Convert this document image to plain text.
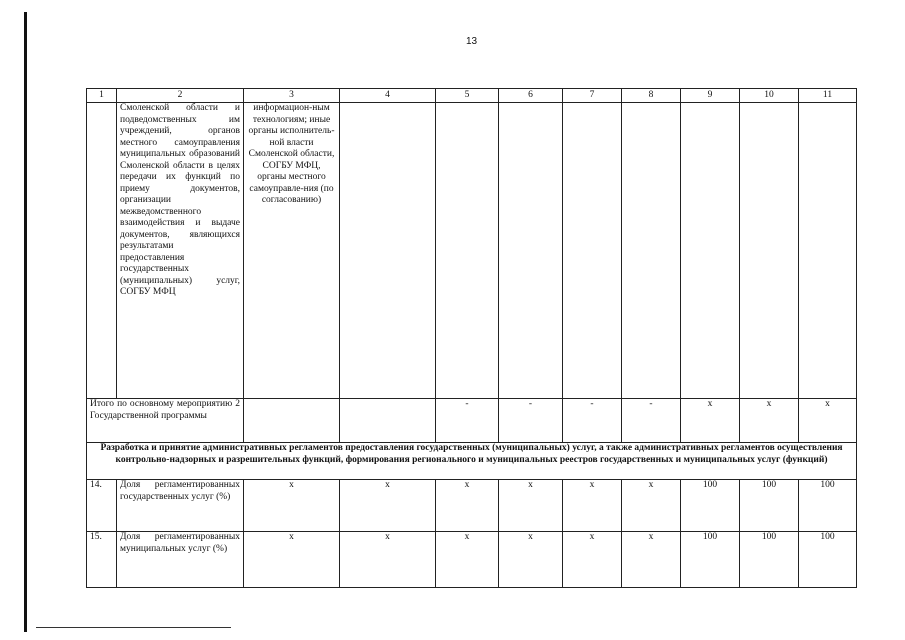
13
1	2	3	4	5	6	7	8	9	10	11
	Смоленской области и подведомственных им учреждений, органов местного самоуправления муниципальных образований Смоленской области в целях передачи их функций по приему документов, организации межведомственного взаимодействия и выдаче документов, являющихся результатами предоставления государственных (муниципальных) услуг, СОГБУ МФЦ	информацион-ным технологиям; иные органы исполнитель-ной власти Смоленской области, СОГБУ МФЦ, органы местного самоуправле-ния (по согласованию)								
Итого по основному мероприятию 2 Государственной программы				-	-	-	-	х	х	х
Разработка и принятие административных регламентов предоставления государственных (муниципальных) услуг, а также административных регламентов осуществления контрольно-надзорных и разрешительных функций, формирования регионального и муниципальных реестров государственных и муниципальных услуг (функций)										
14.	Доля регламентированных государственных услуг (%)	х	х	х	х	х	х	100	100	100
15.	Доля регламентированных муниципальных услуг (%)	х	х	х	х	х	х	100	100	100
